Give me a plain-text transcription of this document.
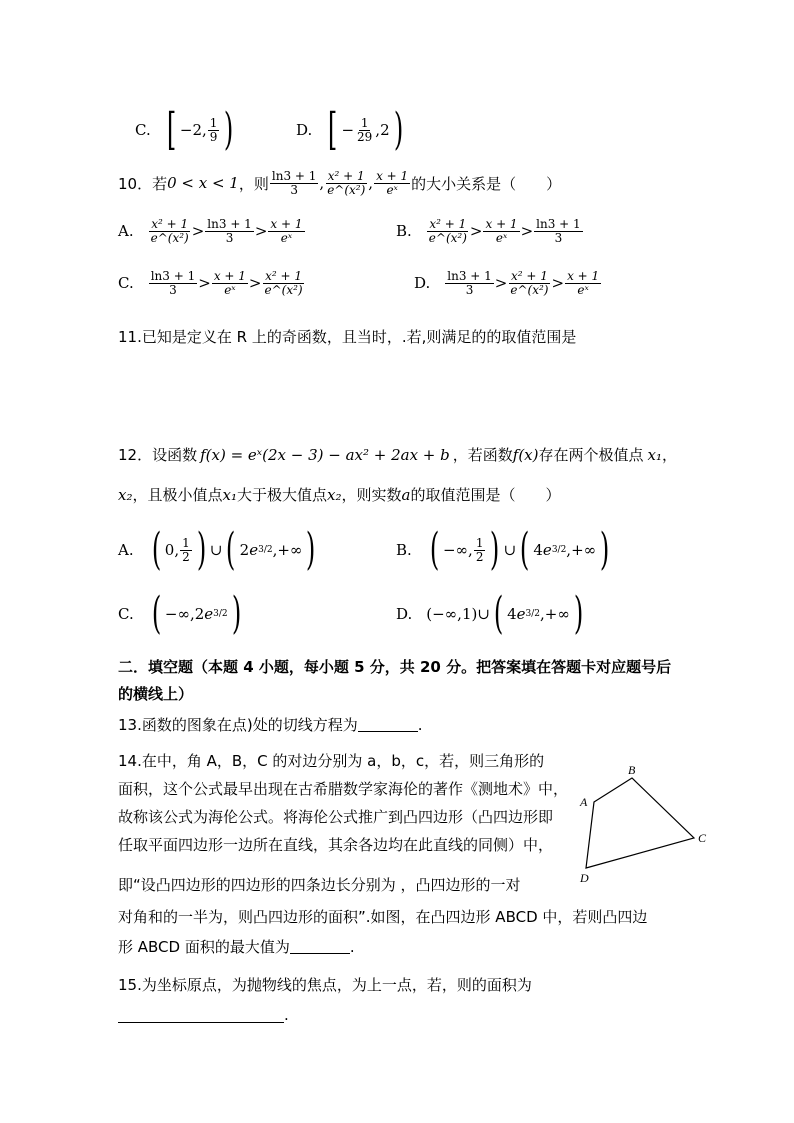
C. [ −2, $\frac{1}{9}$ )	D. [ − $\frac{1}{29} ,2$ )
10．若 0 < x < 1 ，则 $\frac{\ln 3 + 1}{3}$ , $\frac{\text{x² + 1}}{\text{e\textasciicircum{}(x²)}}$ , $\frac{x + 1}{\text{eˣ}}$ 的大小关系是（　　）
A. $\frac{\text{x² + 1}}{\text{e\textasciicircum{}(x²)}} > \frac{\ln 3 + 1}{3} > \frac{x + 1}{\text{eˣ}}$	B. $\frac{\text{x² + 1}}{\text{e\textasciicircum{}(x²)}} > \frac{x + 1}{\text{eˣ}} > \frac{\ln 3 + 1}{3}$
C. $\frac{\ln 3 + 1}{3} > \frac{x + 1}{\text{eˣ}} > \frac{\text{x² + 1}}{\text{e\textasciicircum{}(x²)}}$	D. $\frac{\ln 3 + 1}{3} > \frac{\text{x² + 1}}{\text{e\textasciicircum{}(x²)}} > \frac{x + 1}{\text{eˣ}}$
11.已知是定义在 R 上的奇函数，且当时，.若,则满足的的取值范围是
12．设函数 f(x) = eˣ(2x − 3) − ax² + 2ax + b ，若函数 f(x) 存在两个极值点 x₁ ，
x₂ ，且极小值点 x₁ 大于极大值点 x₂ ，则实数 a 的取值范围是（　　）
A. ( 0, $\frac{1}{2}$ ) ∪ ( 2 e 3/2 ,+∞ )	B. ( −∞, $\frac{1}{2}$ ) ∪ ( 4 e 3/2 ,+∞ )
C. ( −∞,2 e 3/2 )	D. (−∞,1)∪ ( 4 e 3/2 ,+∞ )
二．填空题（本题 4 小题，每小题 5 分，共 20 分。把答案填在答题卡对应题号后的横线上）
13.函数的图象在点)处的切线方程为	.
14.在中，角 A，B，C 的对边分别为 a，b，c，若，则三角形的
面积，这个公式最早出现在古希腊数学家海伦的著作《测地术》中，
故称该公式为海伦公式。将海伦公式推广到凸四边形（凸四边形即
任取平面四边形一边所在直线，其余各边均在此直线的同侧）中，
即“设凸四边形的四边形的四条边长分别为 ，凸四边形的一对
对角和的一半为，则凸四边形的面积”.如图，在凸四边形 ABCD 中，若则凸四边
形 ABCD 面积的最大值为	.
A
B
C
D
15.为坐标原点，为抛物线的焦点，为上一点，若，则的面积为
.
